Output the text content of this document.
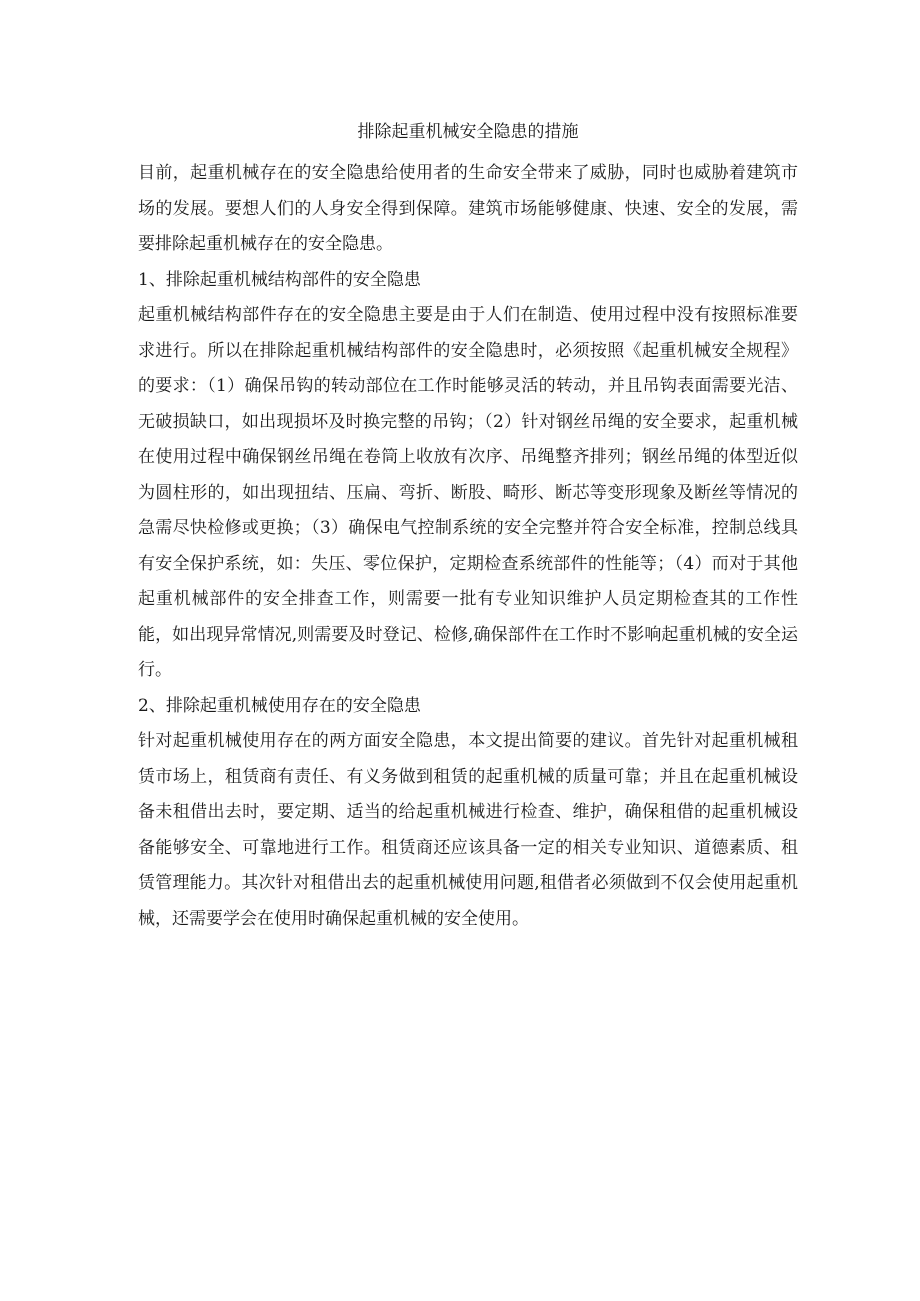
排除起重机械安全隐患的措施

目前，起重机械存在的安全隐患给使用者的生命安全带来了威胁，同时也威胁着建筑市场的发展。要想人们的人身安全得到保障。建筑市场能够健康、快速、安全的发展，需要排除起重机械存在的安全隐患。

1、排除起重机械结构部件的安全隐患

起重机械结构部件存在的安全隐患主要是由于人们在制造、使用过程中没有按照标准要求进行。所以在排除起重机械结构部件的安全隐患时，必须按照《起重机械安全规程》的要求：（1）确保吊钩的转动部位在工作时能够灵活的转动，并且吊钩表面需要光洁、无破损缺口，如出现损坏及时换完整的吊钩；（2）针对钢丝吊绳的安全要求，起重机械在使用过程中确保钢丝吊绳在卷筒上收放有次序、吊绳整齐排列；钢丝吊绳的体型近似为圆柱形的，如出现扭结、压扁、弯折、断股、畸形、断芯等变形现象及断丝等情况的急需尽快检修或更换；（3）确保电气控制系统的安全完整并符合安全标准，控制总线具有安全保护系统，如：失压、零位保护，定期检查系统部件的性能等；（4）而对于其他起重机械部件的安全排查工作，则需要一批有专业知识维护人员定期检查其的工作性能，如出现异常情况,则需要及时登记、检修,确保部件在工作时不影响起重机械的安全运行。

2、排除起重机械使用存在的安全隐患

针对起重机械使用存在的两方面安全隐患，本文提出简要的建议。首先针对起重机械租赁市场上，租赁商有责任、有义务做到租赁的起重机械的质量可靠；并且在起重机械设备未租借出去时，要定期、适当的给起重机械进行检查、维护，确保租借的起重机械设备能够安全、可靠地进行工作。租赁商还应该具备一定的相关专业知识、道德素质、租赁管理能力。其次针对租借出去的起重机械使用问题,租借者必须做到不仅会使用起重机械，还需要学会在使用时确保起重机械的安全使用。
